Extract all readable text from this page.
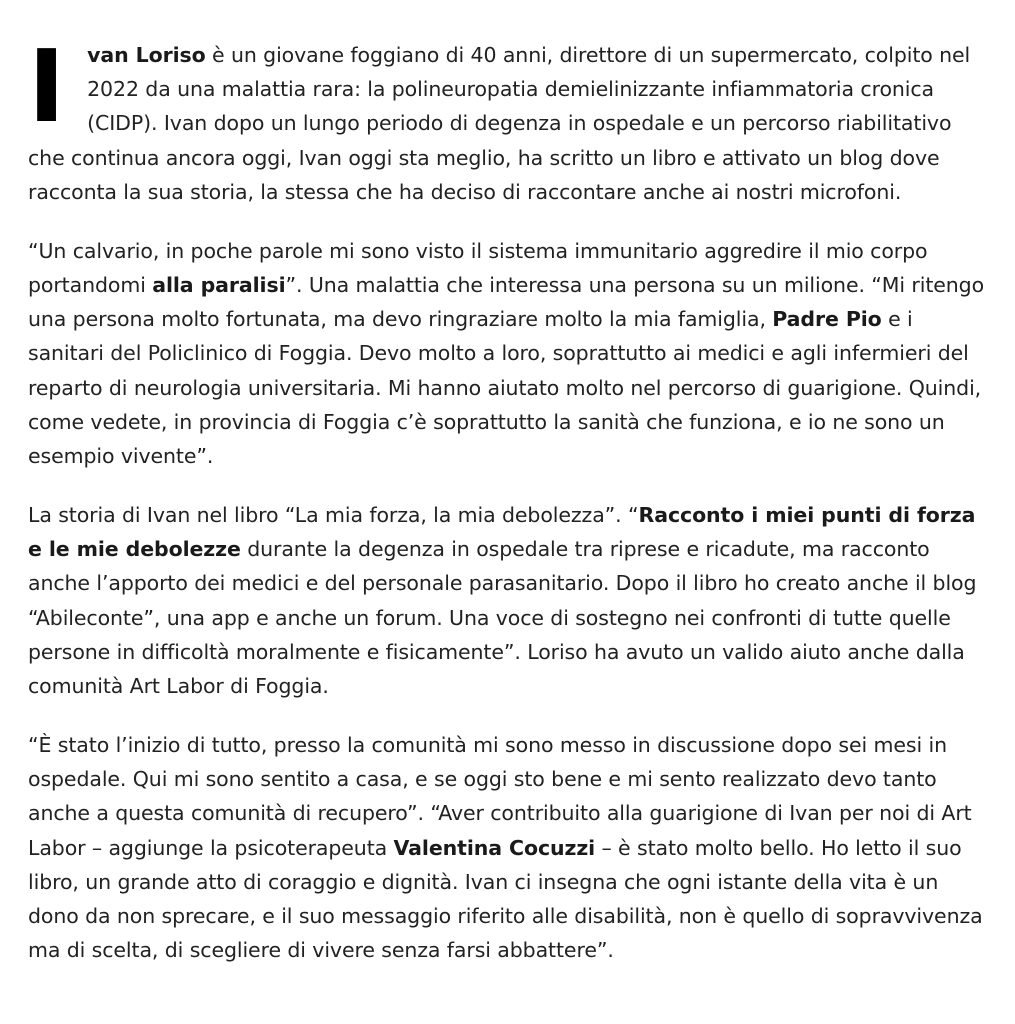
I van Loriso è un giovane foggiano di 40 anni, direttore di un supermercato, colpito nel 2022 da una malattia rara: la polineuropatia demielinizzante infiammatoria cronica (CIDP). Ivan dopo un lungo periodo di degenza in ospedale e un percorso riabilitativo che continua ancora oggi, Ivan oggi sta meglio, ha scritto un libro e attivato un blog dove racconta la sua storia, la stessa che ha deciso di raccontare anche ai nostri microfoni.

“Un calvario, in poche parole mi sono visto il sistema immunitario aggredire il mio corpo portandomi alla paralisi”. Una malattia che interessa una persona su un milione. “Mi ritengo una persona molto fortunata, ma devo ringraziare molto la mia famiglia, Padre Pio e i sanitari del Policlinico di Foggia. Devo molto a loro, soprattutto ai medici e agli infermieri del reparto di neurologia universitaria. Mi hanno aiutato molto nel percorso di guarigione. Quindi, come vedete, in provincia di Foggia c’è soprattutto la sanità che funziona, e io ne sono un esempio vivente”.

La storia di Ivan nel libro “La mia forza, la mia debolezza”. “Racconto i miei punti di forza e le mie debolezze durante la degenza in ospedale tra riprese e ricadute, ma racconto anche l’apporto dei medici e del personale parasanitario. Dopo il libro ho creato anche il blog “Abileconte”, una app e anche un forum. Una voce di sostegno nei confronti di tutte quelle persone in difficoltà moralmente e fisicamente”. Loriso ha avuto un valido aiuto anche dalla comunità Art Labor di Foggia.

“È stato l’inizio di tutto, presso la comunità mi sono messo in discussione dopo sei mesi in ospedale. Qui mi sono sentito a casa, e se oggi sto bene e mi sento realizzato devo tanto anche a questa comunità di recupero”. “Aver contribuito alla guarigione di Ivan per noi di Art Labor – aggiunge la psicoterapeuta Valentina Cocuzzi – è stato molto bello. Ho letto il suo libro, un grande atto di coraggio e dignità. Ivan ci insegna che ogni istante della vita è un dono da non sprecare, e il suo messaggio riferito alle disabilità, non è quello di sopravvivenza ma di scelta, di scegliere di vivere senza farsi abbattere”.
